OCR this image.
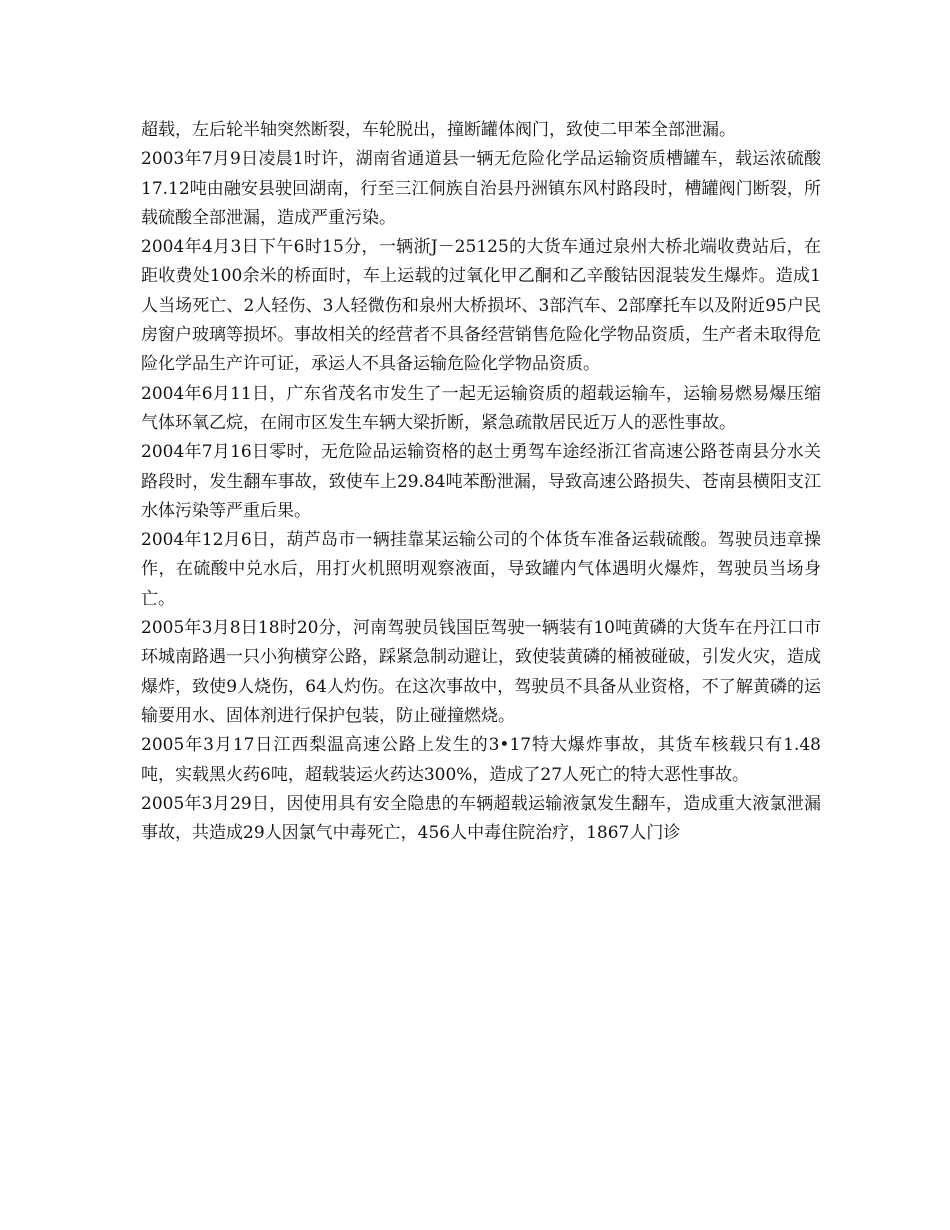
超载，左后轮半轴突然断裂，车轮脱出，撞断罐体阀门，致使二甲苯全部泄漏。

2003年7月9日凌晨1时许，湖南省通道县一辆无危险化学品运输资质槽罐车，载运浓硫酸17.12吨由融安县驶回湖南，行至三江侗族自治县丹洲镇东风村路段时，槽罐阀门断裂，所载硫酸全部泄漏，造成严重污染。

2004年4月3日下午6时15分，一辆浙J－25125的大货车通过泉州大桥北端收费站后，在距收费处100余米的桥面时，车上运载的过氧化甲乙酮和乙辛酸钴因混装发生爆炸。造成1人当场死亡、2人轻伤、3人轻微伤和泉州大桥损坏、3部汽车、2部摩托车以及附近95户民房窗户玻璃等损坏。事故相关的经营者不具备经营销售危险化学物品资质，生产者未取得危险化学品生产许可证，承运人不具备运输危险化学物品资质。

2004年6月11日，广东省茂名市发生了一起无运输资质的超载运输车，运输易燃易爆压缩气体环氧乙烷，在闹市区发生车辆大梁折断，紧急疏散居民近万人的恶性事故。

2004年7月16日零时，无危险品运输资格的赵士勇驾车途经浙江省高速公路苍南县分水关路段时，发生翻车事故，致使车上29.84吨苯酚泄漏，导致高速公路损失、苍南县横阳支江水体污染等严重后果。

2004年12月6日，葫芦岛市一辆挂靠某运输公司的个体货车准备运载硫酸。驾驶员违章操作，在硫酸中兑水后，用打火机照明观察液面，导致罐内气体遇明火爆炸，驾驶员当场身亡。

2005年3月8日18时20分，河南驾驶员钱国臣驾驶一辆装有10吨黄磷的大货车在丹江口市环城南路遇一只小狗横穿公路，踩紧急制动避让，致使装黄磷的桶被碰破，引发火灾，造成爆炸，致使9人烧伤，64人灼伤。在这次事故中，驾驶员不具备从业资格，不了解黄磷的运输要用水、固体剂进行保护包装，防止碰撞燃烧。

2005年3月17日江西梨温高速公路上发生的3•17特大爆炸事故，其货车核载只有1.48吨，实载黑火药6吨，超载装运火药达300%，造成了27人死亡的特大恶性事故。

2005年3月29日，因使用具有安全隐患的车辆超载运输液氯发生翻车，造成重大液氯泄漏事故，共造成29人因氯气中毒死亡，456人中毒住院治疗，1867人门诊
